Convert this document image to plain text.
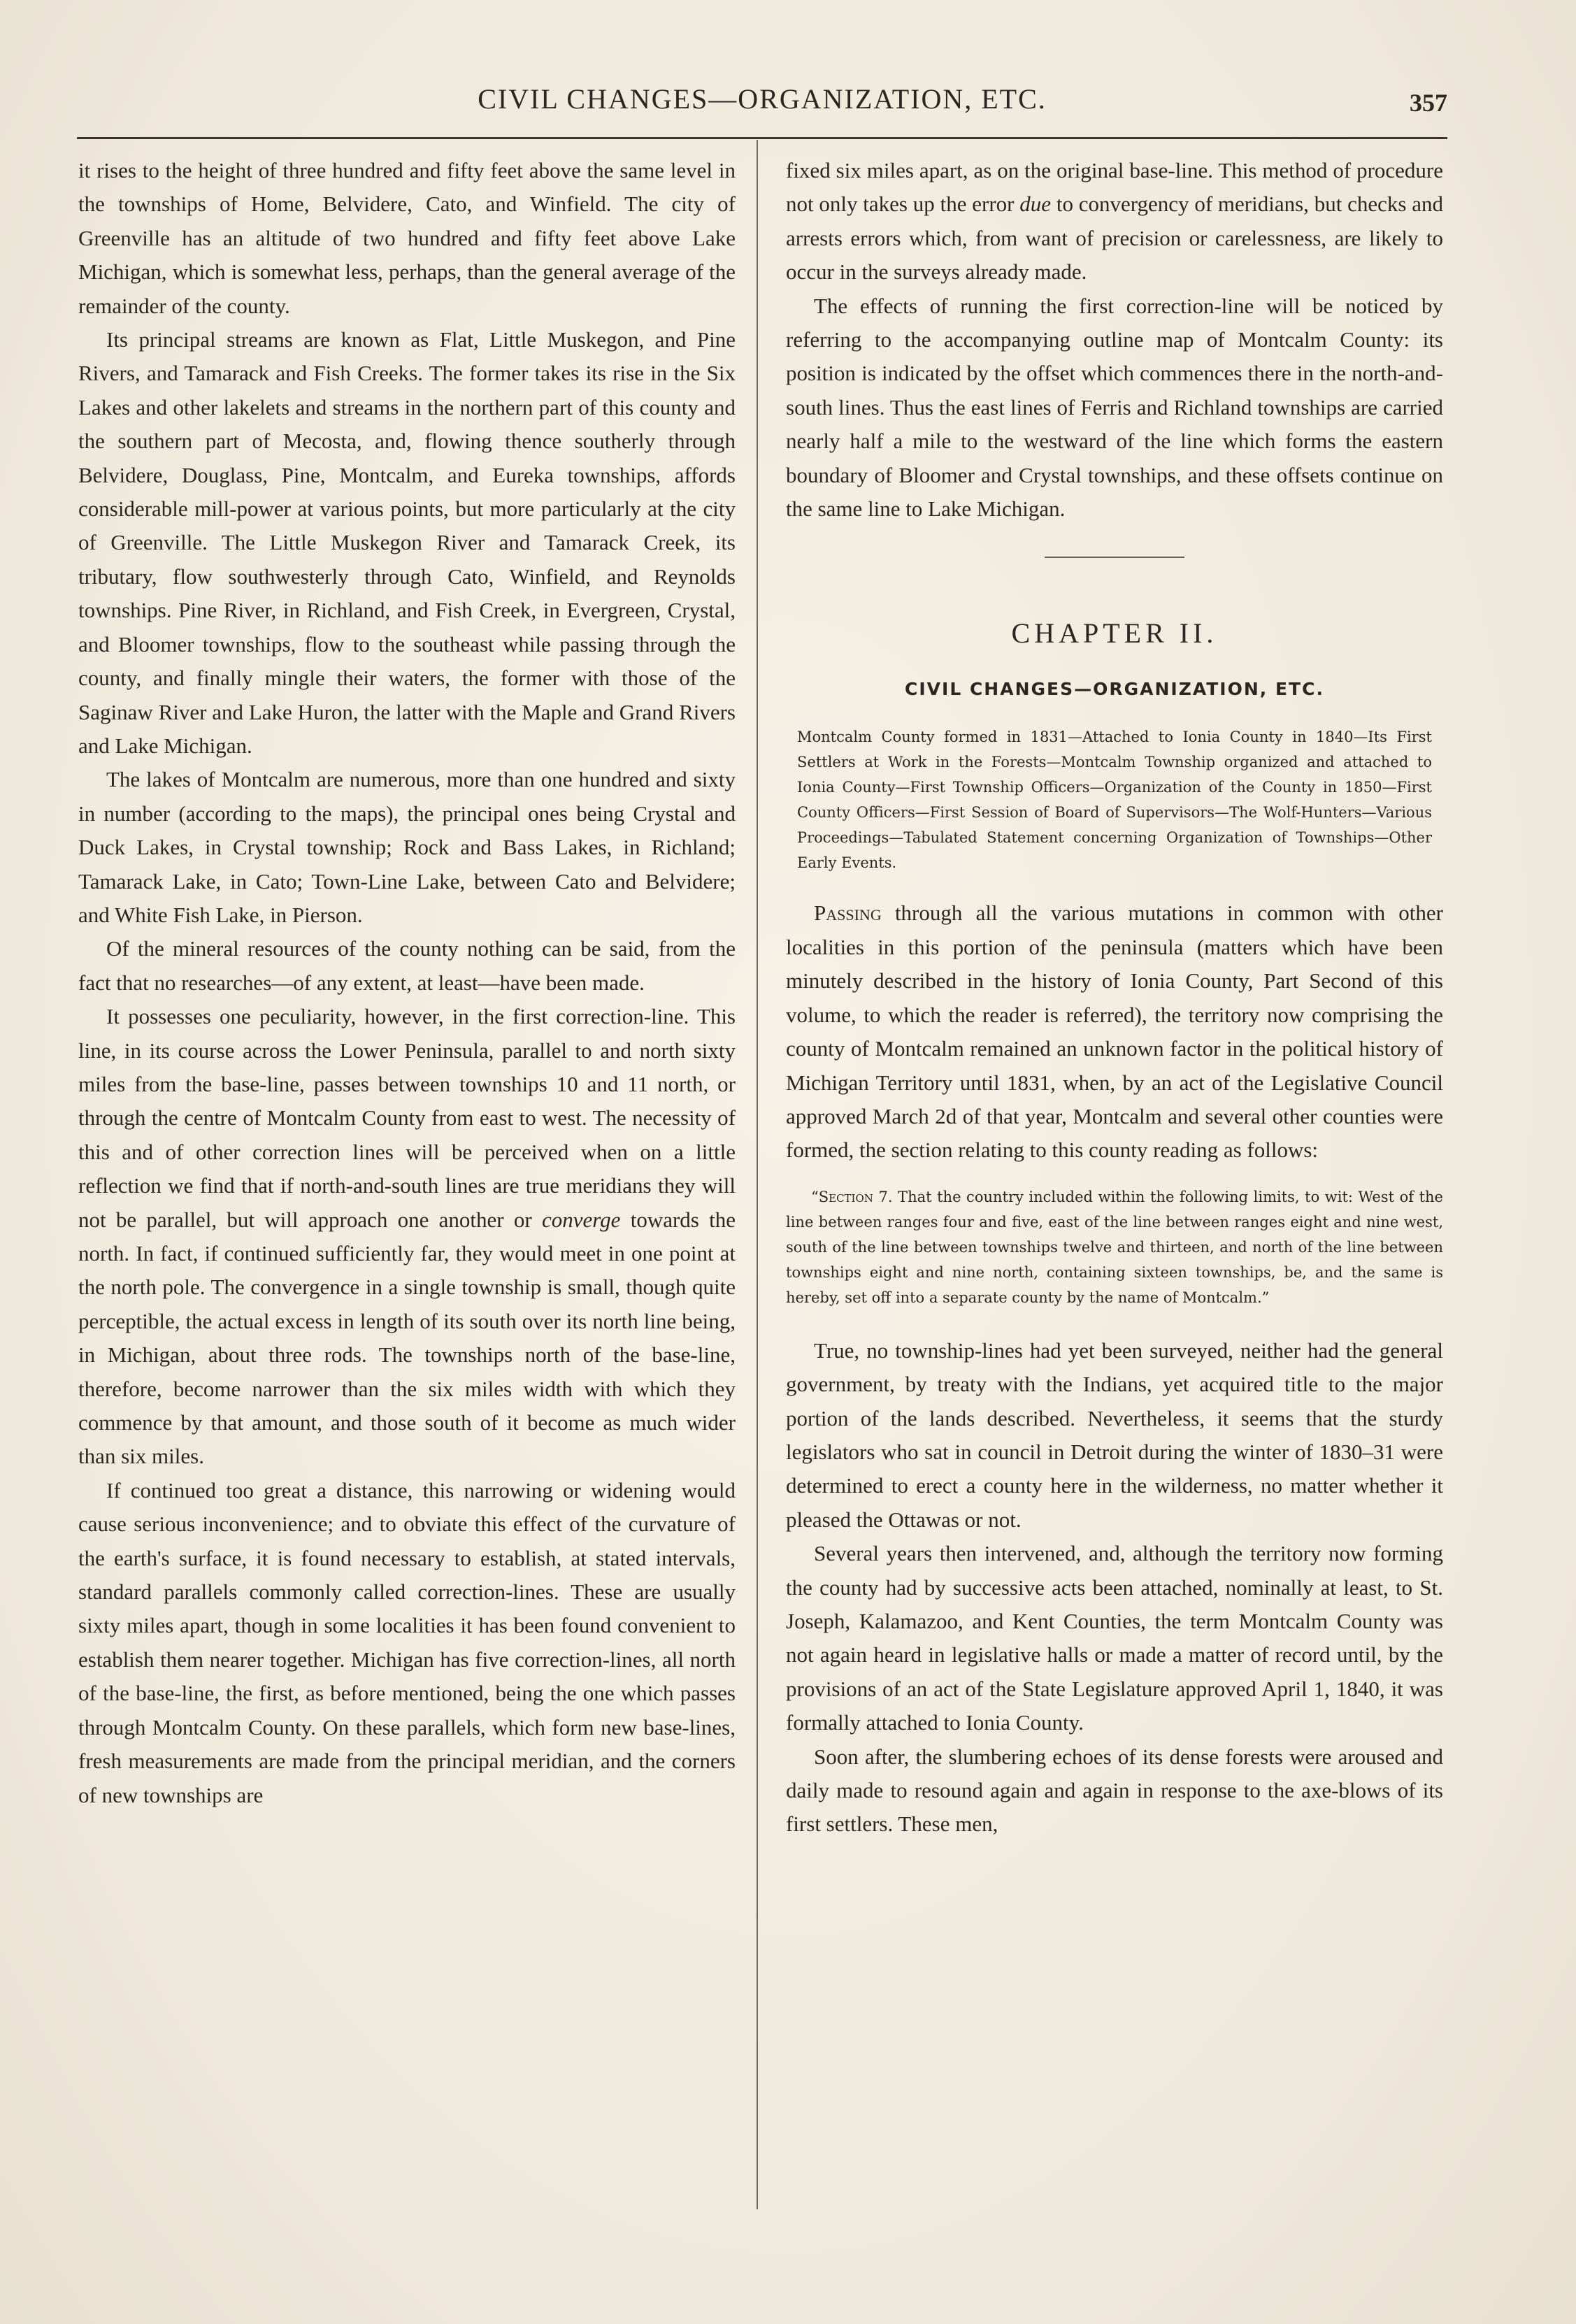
CIVIL CHANGES—ORGANIZATION, ETC.	357

it rises to the height of three hundred and fifty feet above the same level in the townships of Home, Belvidere, Cato, and Winfield. The city of Greenville has an altitude of two hundred and fifty feet above Lake Michigan, which is somewhat less, perhaps, than the general average of the remainder of the county.

Its principal streams are known as Flat, Little Muskegon, and Pine Rivers, and Tamarack and Fish Creeks. The former takes its rise in the Six Lakes and other lakelets and streams in the northern part of this county and the southern part of Mecosta, and, flowing thence southerly through Belvidere, Douglass, Pine, Montcalm, and Eureka townships, affords considerable mill-power at various points, but more particularly at the city of Greenville. The Little Muskegon River and Tamarack Creek, its tributary, flow southwesterly through Cato, Winfield, and Reynolds townships. Pine River, in Richland, and Fish Creek, in Evergreen, Crystal, and Bloomer townships, flow to the southeast while passing through the county, and finally mingle their waters, the former with those of the Saginaw River and Lake Huron, the latter with the Maple and Grand Rivers and Lake Michigan.

The lakes of Montcalm are numerous, more than one hundred and sixty in number (according to the maps), the principal ones being Crystal and Duck Lakes, in Crystal township; Rock and Bass Lakes, in Richland; Tamarack Lake, in Cato; Town-Line Lake, between Cato and Belvidere; and White Fish Lake, in Pierson.

Of the mineral resources of the county nothing can be said, from the fact that no researches—of any extent, at least—have been made.

It possesses one peculiarity, however, in the first correction-line. This line, in its course across the Lower Peninsula, parallel to and north sixty miles from the base-line, passes between townships 10 and 11 north, or through the centre of Montcalm County from east to west. The necessity of this and of other correction lines will be perceived when on a little reflection we find that if north-and-south lines are true meridians they will not be parallel, but will approach one another or converge towards the north. In fact, if continued sufficiently far, they would meet in one point at the north pole. The convergence in a single township is small, though quite perceptible, the actual excess in length of its south over its north line being, in Michigan, about three rods. The townships north of the base-line, therefore, become narrower than the six miles width with which they commence by that amount, and those south of it become as much wider than six miles.

If continued too great a distance, this narrowing or widening would cause serious inconvenience; and to obviate this effect of the curvature of the earth's surface, it is found necessary to establish, at stated intervals, standard parallels commonly called correction-lines. These are usually sixty miles apart, though in some localities it has been found convenient to establish them nearer together. Michigan has five correction-lines, all north of the base-line, the first, as before mentioned, being the one which passes through Montcalm County. On these parallels, which form new base-lines, fresh measurements are made from the principal meridian, and the corners of new townships are

fixed six miles apart, as on the original base-line. This method of procedure not only takes up the error due to convergency of meridians, but checks and arrests errors which, from want of precision or carelessness, are likely to occur in the surveys already made.

The effects of running the first correction-line will be noticed by referring to the accompanying outline map of Montcalm County: its position is indicated by the offset which commences there in the north-and-south lines. Thus the east lines of Ferris and Richland townships are carried nearly half a mile to the westward of the line which forms the eastern boundary of Bloomer and Crystal townships, and these offsets continue on the same line to Lake Michigan.

CHAPTER II.
CIVIL CHANGES—ORGANIZATION, ETC.
Montcalm County formed in 1831—Attached to Ionia County in 1840—Its First Settlers at Work in the Forests—Montcalm Township organized and attached to Ionia County—First Township Officers—Organization of the County in 1850—First County Officers—First Session of Board of Supervisors—The Wolf-Hunters—Various Proceedings—Tabulated Statement concerning Organization of Townships—Other Early Events.

Passing through all the various mutations in common with other localities in this portion of the peninsula (matters which have been minutely described in the history of Ionia County, Part Second of this volume, to which the reader is referred), the territory now comprising the county of Montcalm remained an unknown factor in the political history of Michigan Territory until 1831, when, by an act of the Legislative Council approved March 2d of that year, Montcalm and several other counties were formed, the section relating to this county reading as follows:

“Section 7. That the country included within the following limits, to wit: West of the line between ranges four and five, east of the line between ranges eight and nine west, south of the line between townships twelve and thirteen, and north of the line between townships eight and nine north, containing sixteen townships, be, and the same is hereby, set off into a separate county by the name of Montcalm.”

True, no township-lines had yet been surveyed, neither had the general government, by treaty with the Indians, yet acquired title to the major portion of the lands described. Nevertheless, it seems that the sturdy legislators who sat in council in Detroit during the winter of 1830–31 were determined to erect a county here in the wilderness, no matter whether it pleased the Ottawas or not.

Several years then intervened, and, although the territory now forming the county had by successive acts been attached, nominally at least, to St. Joseph, Kalamazoo, and Kent Counties, the term Montcalm County was not again heard in legislative halls or made a matter of record until, by the provisions of an act of the State Legislature approved April 1, 1840, it was formally attached to Ionia County.

Soon after, the slumbering echoes of its dense forests were aroused and daily made to resound again and again in response to the axe-blows of its first settlers. These men,
